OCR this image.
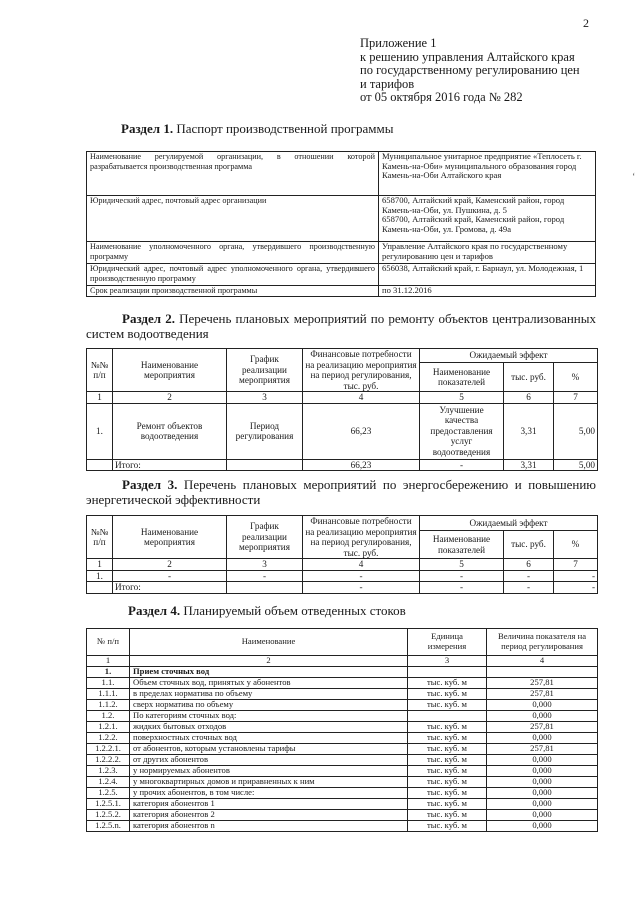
2
Приложение 1
к решению управления Алтайского края
по государственному регулированию цен
и тарифов
от 05 октября 2016 года № 282
Раздел 1. Паспорт производственной программы
Наименование регулируемой организации, в отношении которой разрабатывается производственная программа	Муниципальное унитарное предприятие «Теплосеть г. Камень-на-Оби» муниципального образования город Камень-на-Оби Алтайского края
Юридический адрес, почтовый адрес организации	658700, Алтайский край, Каменский район, город Камень-на-Оби, ул. Пушкина, д. 5
658700, Алтайский край, Каменский район, город Камень-на-Оби, ул. Громова, д. 49а
Наименование уполномоченного органа, утвердившего производственную программу	Управление Алтайского края по государственному регулированию цен и тарифов
Юридический адрес, почтовый адрес уполномоченного органа, утвердившего производственную программу	656038, Алтайский край, г. Барнаул, ул. Молодежная, 1
Срок реализации производственной программы	по 31.12.2016
‘
Раздел 2. Перечень плановых мероприятий по ремонту объектов централизованных систем водоотведения
№№ п/п	Наименование мероприятия	График реализации мероприятия	Финансовые потребности на реализацию мероприятия на период регулирования, тыс. руб.	Ожидаемый эффект		
				Наименование показателей	тыс. руб.	%
1	2	3	4	5	6	7
1.	Ремонт объектов водоотведения	Период регулирования	66,23	Улучшение качества предоставления услуг водоотведения	3,31	5,00
	Итого:		66,23	-	3,31	5,00
Раздел 3. Перечень плановых мероприятий по энергосбережению и повышению энергетической эффективности
№№ п/п	Наименование мероприятия	График реализации мероприятия	Финансовые потребности на реализацию мероприятия на период регулирования, тыс. руб.	Ожидаемый эффект		
				Наименование показателей	тыс. руб.	%
1	2	3	4	5	6	7
1.	-	-	-	-	-	-
	Итого:		-	-	-	-
Раздел 4. Планируемый объем отведенных стоков
№ п/п	Наименование	Единица измерения	Величина показателя на период регулирования
1	2	3	4
1.	Прием сточных вод		
1.1.	Объем сточных вод, принятых у абонентов	тыс. куб. м	257,81
1.1.1.	в пределах норматива по объему	тыс. куб. м	257,81
1.1.2.	сверх норматива по объему	тыс. куб. м	0,000
1.2.	По категориям сточных вод:		0,000
1.2.1.	жидких бытовых отходов	тыс. куб. м	257,81
1.2.2.	поверхностных сточных вод	тыс. куб. м	0,000
1.2.2.1.	от абонентов, которым установлены тарифы	тыс. куб. м	257,81
1.2.2.2.	от других абонентов	тыс. куб. м	0,000
1.2.3.	у нормируемых абонентов	тыс. куб. м	0,000
1.2.4.	у многоквартирных домов и приравненных к ним	тыс. куб. м	0,000
1.2.5.	у прочих абонентов, в том числе:	тыс. куб. м	0,000
1.2.5.1.	категория абонентов 1	тыс. куб. м	0,000
1.2.5.2.	категория абонентов 2	тыс. куб. м	0,000
1.2.5.n.	категория абонентов n	тыс. куб. м	0,000
